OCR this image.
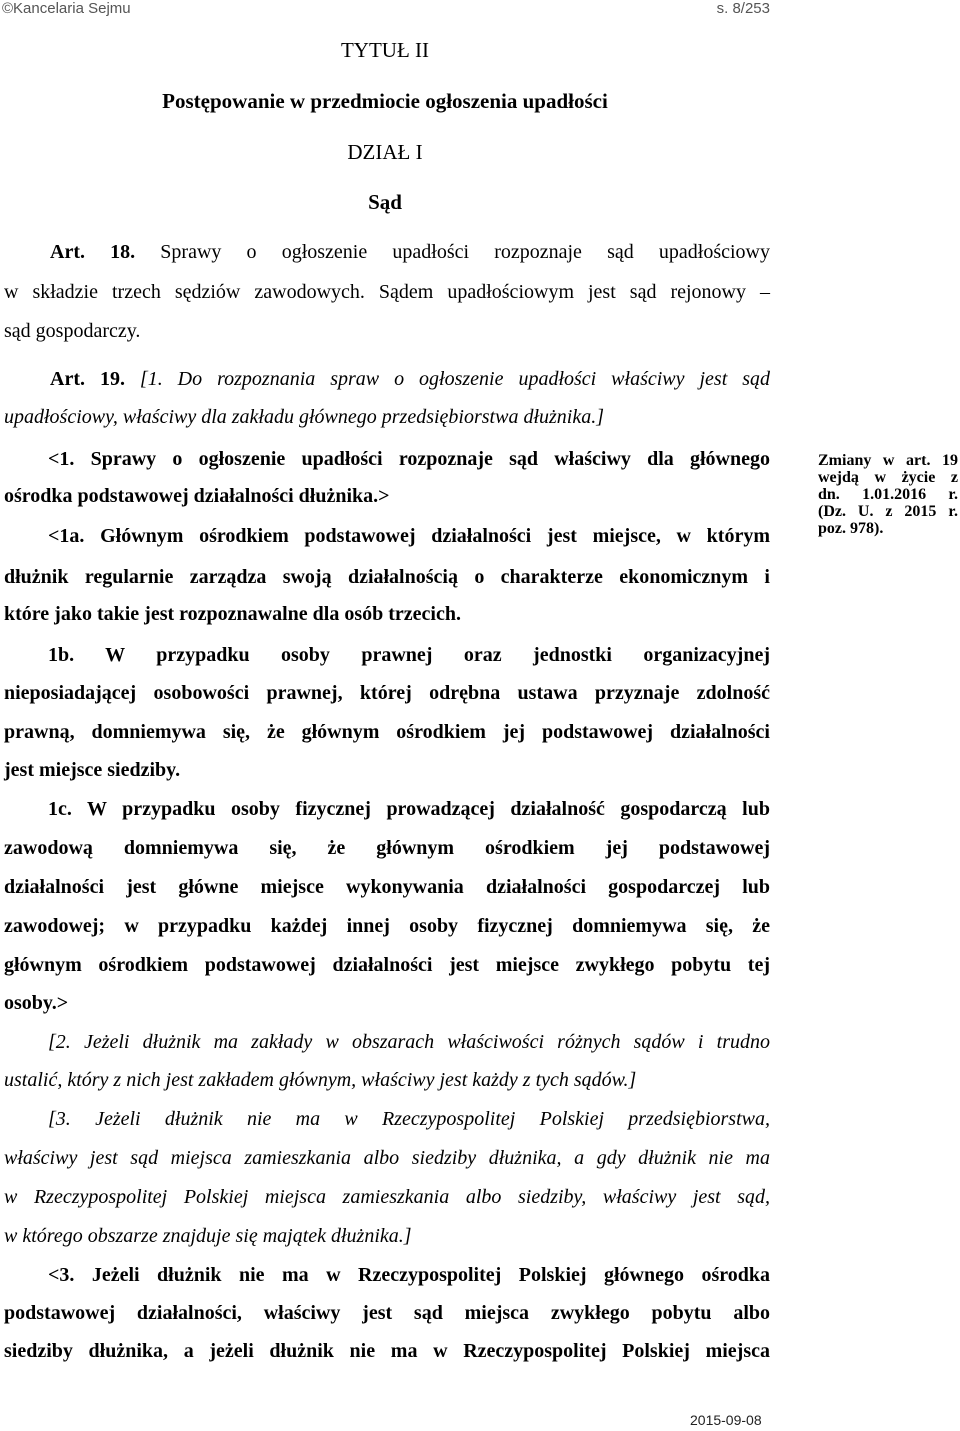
©Kancelaria Sejmu	s. 8/253
TYTUŁ II
Postępowanie w przedmiocie ogłoszenia upadłości
DZIAŁ I
Sąd
Art. 18. Sprawy o ogłoszenie upadłości rozpoznaje sąd upadłościowy
w składzie trzech sędziów zawodowych. Sądem upadłościowym jest sąd rejonowy –
sąd gospodarczy.
Art. 19. [1. Do rozpoznania spraw o ogłoszenie upadłości właściwy jest sąd
upadłościowy, właściwy dla zakładu głównego przedsiębiorstwa dłużnika.]
<1. Sprawy o ogłoszenie upadłości rozpoznaje sąd właściwy dla głównego
ośrodka podstawowej działalności dłużnika.>
<1a. Głównym ośrodkiem podstawowej działalności jest miejsce, w którym
dłużnik regularnie zarządza swoją działalnością o charakterze ekonomicznym i
które jako takie jest rozpoznawalne dla osób trzecich.
1b. W przypadku osoby prawnej oraz jednostki organizacyjnej
nieposiadającej osobowości prawnej, której odrębna ustawa przyznaje zdolność
prawną, domniemywa się, że głównym ośrodkiem jej podstawowej działalności
jest miejsce siedziby.
1c. W przypadku osoby fizycznej prowadzącej działalność gospodarczą lub
zawodową domniemywa się, że głównym ośrodkiem jej podstawowej
działalności jest główne miejsce wykonywania działalności gospodarczej lub
zawodowej; w przypadku każdej innej osoby fizycznej domniemywa się, że
głównym ośrodkiem podstawowej działalności jest miejsce zwykłego pobytu tej
osoby.>
[2. Jeżeli dłużnik ma zakłady w obszarach właściwości różnych sądów i trudno
ustalić, który z nich jest zakładem głównym, właściwy jest każdy z tych sądów.]
[3. Jeżeli dłużnik nie ma w Rzeczypospolitej Polskiej przedsiębiorstwa,
właściwy jest sąd miejsca zamieszkania albo siedziby dłużnika, a gdy dłużnik nie ma
w Rzeczypospolitej Polskiej miejsca zamieszkania albo siedziby, właściwy jest sąd,
w którego obszarze znajduje się majątek dłużnika.]
<3. Jeżeli dłużnik nie ma w Rzeczypospolitej Polskiej głównego ośrodka
podstawowej działalności, właściwy jest sąd miejsca zwykłego pobytu albo
siedziby dłużnika, a jeżeli dłużnik nie ma w Rzeczypospolitej Polskiej miejsca
Zmiany w art. 19
wejdą w życie z
dn. 1.01.2016 r.
(Dz. U. z 2015 r.
poz. 978).
2015-09-08
